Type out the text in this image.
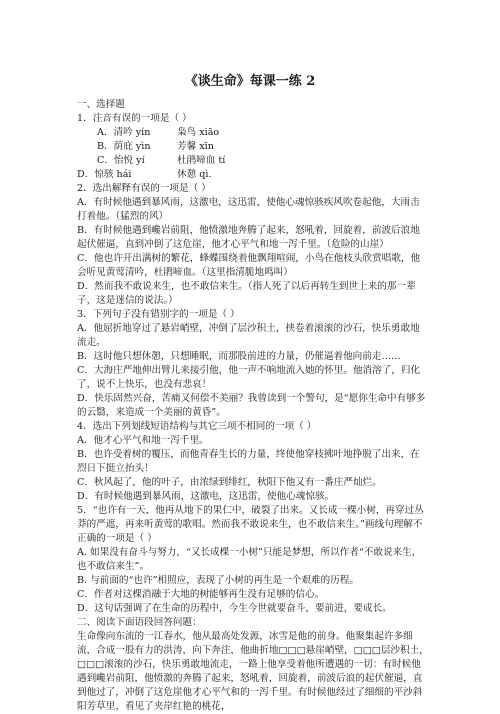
《谈生命》每课一练 2
一、选择题
1．注音有误的一项是（ ）
A．清吟 yín	枭鸟 xiāo
B．荫庇 yìn	芳馨 xīn
C．怡悦 yí	杜鹃啼血 tí
D．惊骇 hái	休憩 qì．
2．选出解释有误的一项是（ ）
A．有时候他遇到暴风雨，这激电，这迅雷，使他心魂惊骇疾风吹卷起他，大雨击打着他。（猛烈的风）
B．有时候他遇到巉岩前阻，他愤激地奔腾了起来，怒吼着，回旋着，前波后浪地起伏催逼，直到冲倒了这危崖，他才心平气和地一泻千里。（危险的山崖）
C．他也许开出满树的繁花，蜂蝶围绕着他飘翔喧闹，小鸟在他枝头欣赏唱歌，他会听见黄莺清吟，杜鹃啼血。（这里指清脆地鸣叫）
D．然而我不敢说来生，也不敢信来生。（指人死了以后再转生到世上来的那一辈子，这是迷信的说法。）
3．下列句子没有错别字的一项是（ ）
A．他屈折地穿过了悬岩峭壁，冲倒了层沙积土，挟卷着滚滚的沙石，快乐勇敢地流走。
B．这时他只想休憩，只想睡眠，而那股前进的力量，仍催逼着他向前走……
C．大海庄严地伸出臂儿来接引他，他一声不响地流入她的怀里。他消溶了，归化了，说不上快乐，也没有悲哀！
D．快乐固然兴奋，苦痛又何偿不美丽？我曾读到一个警句，是“愿你生命中有够多的云翳，来造成一个美丽的黄昏”。
4．选出下列划线短语结构与其它三项不相同的一项（ ）
A．他才心平气和地一泻千里。
B．也许受着树的覆压，而他青春生长的力量，终使他穿枝拂叶地挣脱了出来，在烈日下挺立抬头！
C．秋风起了，他的叶子，由浓绿到绯红，秋阳下他又有一番庄严灿烂。
D．有时候他遇到暴风雨，这激电，这迅雷，使他心魂惊骇。
5．“也许有一天，他再从地下的果仁中，破裂了出来。又长成一棵小树，再穿过丛莽的严遮，再来听黄莺的歌唱。然而我不敢说来生，也不敢信来生。”画线句理解不正确的一项是（ ）
A. 如果没有奋斗与努力，“又长成棵一小树”只能是梦想，所以作者“不敢说来生，也不敢信来生”。
B. 与前面的“也许”相照应，表现了小树的再生是一个艰难的历程。
C．作者对这棵消融于大地的树能够再生没有足够的信心。
D．这句话强调了在生命的历程中，今生今世就要奋斗，要前进，要成长。
二、阅读下面语段回答问题：
生命像向东流的一江春水，他从最高处发源，冰雪是他的前身。他聚集起许多细流，合成一股有力的洪涛，向下奔注，他曲折地□□□悬崖峭壁，□□□层沙积土，□□□滚滚的沙石，快乐勇敢地流走，一路上他享受着他所遭遇的一切：有时候他遇到巉岩前阻，他愤激的奔腾了起来，怒吼着，回旋着，前波后浪的起伏催逼，直到他过了，冲倒了这危崖他才心平气和的一泻千里。有时候他经过了细细的平沙斜阳芳草里，看见了夹岸红艳的桃花，
